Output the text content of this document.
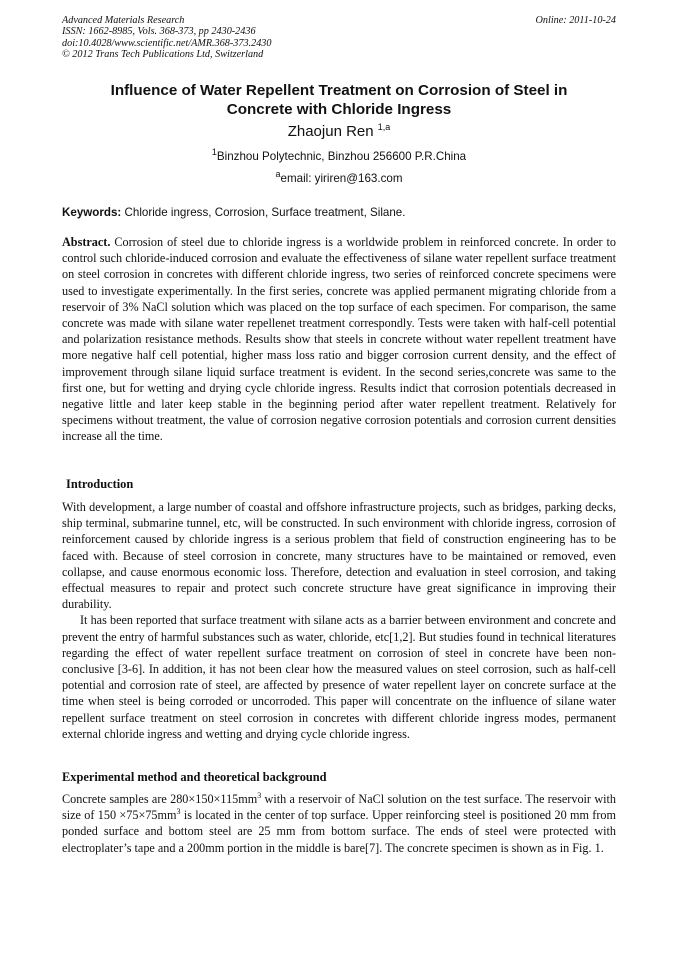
Advanced Materials Research
ISSN: 1662-8985, Vols. 368-373, pp 2430-2436
doi:10.4028/www.scientific.net/AMR.368-373.2430
© 2012 Trans Tech Publications Ltd, Switzerland
Online: 2011-10-24
Influence of Water Repellent Treatment on Corrosion of Steel in
Concrete with Chloride Ingress
Zhaojun Ren $^{1,a}$
$^1$Binzhou Polytechnic, Binzhou 256600 P.R.China
$^a$email: yiriren@163.com
Keywords: Chloride ingress, Corrosion, Surface treatment, Silane.

Abstract. Corrosion of steel due to chloride ingress is a worldwide problem in reinforced concrete. In order to control such chloride-induced corrosion and evaluate the effectiveness of silane water repellent surface treatment on steel corrosion in concretes with different chloride ingress, two series of reinforced concrete specimens were used to investigate experimentally. In the first series, concrete was applied permanent migrating chloride from a reservoir of 3% NaCl solution which was placed on the top surface of each specimen. For comparison, the same concrete was made with silane water repellenet treatment correspondly. Tests were taken with half-cell potential and polarization resistance methods. Results show that steels in concrete without water repellent treatment have more negative half cell potential, higher mass loss ratio and bigger corrosion current density, and the effect of improvement through silane liquid surface treatment is evident. In the second series,concrete was same to the first one, but for wetting and drying cycle chloride ingress. Results indict that corrosion potentials decreased in negative little and later keep stable in the beginning period after water repellent treatment. Relatively for specimens without treatment, the value of corrosion negative corrosion potentials and corrosion current densities increase all the time.

Introduction

With development, a large number of coastal and offshore infrastructure projects, such as bridges, parking decks, ship terminal, submarine tunnel, etc, will be constructed. In such environment with chloride ingress, corrosion of reinforcement caused by chloride ingress is a serious problem that field of construction engineering has to be faced with. Because of steel corrosion in concrete, many structures have to be maintained or removed, even collapse, and cause enormous economic loss. Therefore, detection and evaluation in steel corrosion, and taking effectual measures to repair and protect such concrete structure have great significance in improving their durability.

It has been reported that surface treatment with silane acts as a barrier between environment and concrete and prevent the entry of harmful substances such as water, chloride, etc[1,2]. But studies found in technical literatures regarding the effect of water repellent surface treatment on corrosion of steel in concrete have been non-conclusive [3-6]. In addition, it has not been clear how the measured values on steel corrosion, such as half-cell potential and corrosion rate of steel, are affected by presence of water repellent layer on concrete surface at the time when steel is being corroded or uncorroded. This paper will concentrate on the influence of silane water repellent surface treatment on steel corrosion in concretes with different chloride ingress modes, permanent external chloride ingress and wetting and drying cycle chloride ingress.

Experimental method and theoretical background

Concrete samples are $280\times 150\times 115mm^3$ with a reservoir of NaCl solution on the test surface. The reservoir with size of $150 \times 75\times 75mm^3$ is located in the center of top surface. Upper reinforcing steel is positioned 20 mm from ponded surface and bottom steel are 25 mm from bottom surface. The ends of steel were protected with electroplater’s tape and a 200mm portion in the middle is bare[7]. The concrete specimen is shown as in Fig. 1.
